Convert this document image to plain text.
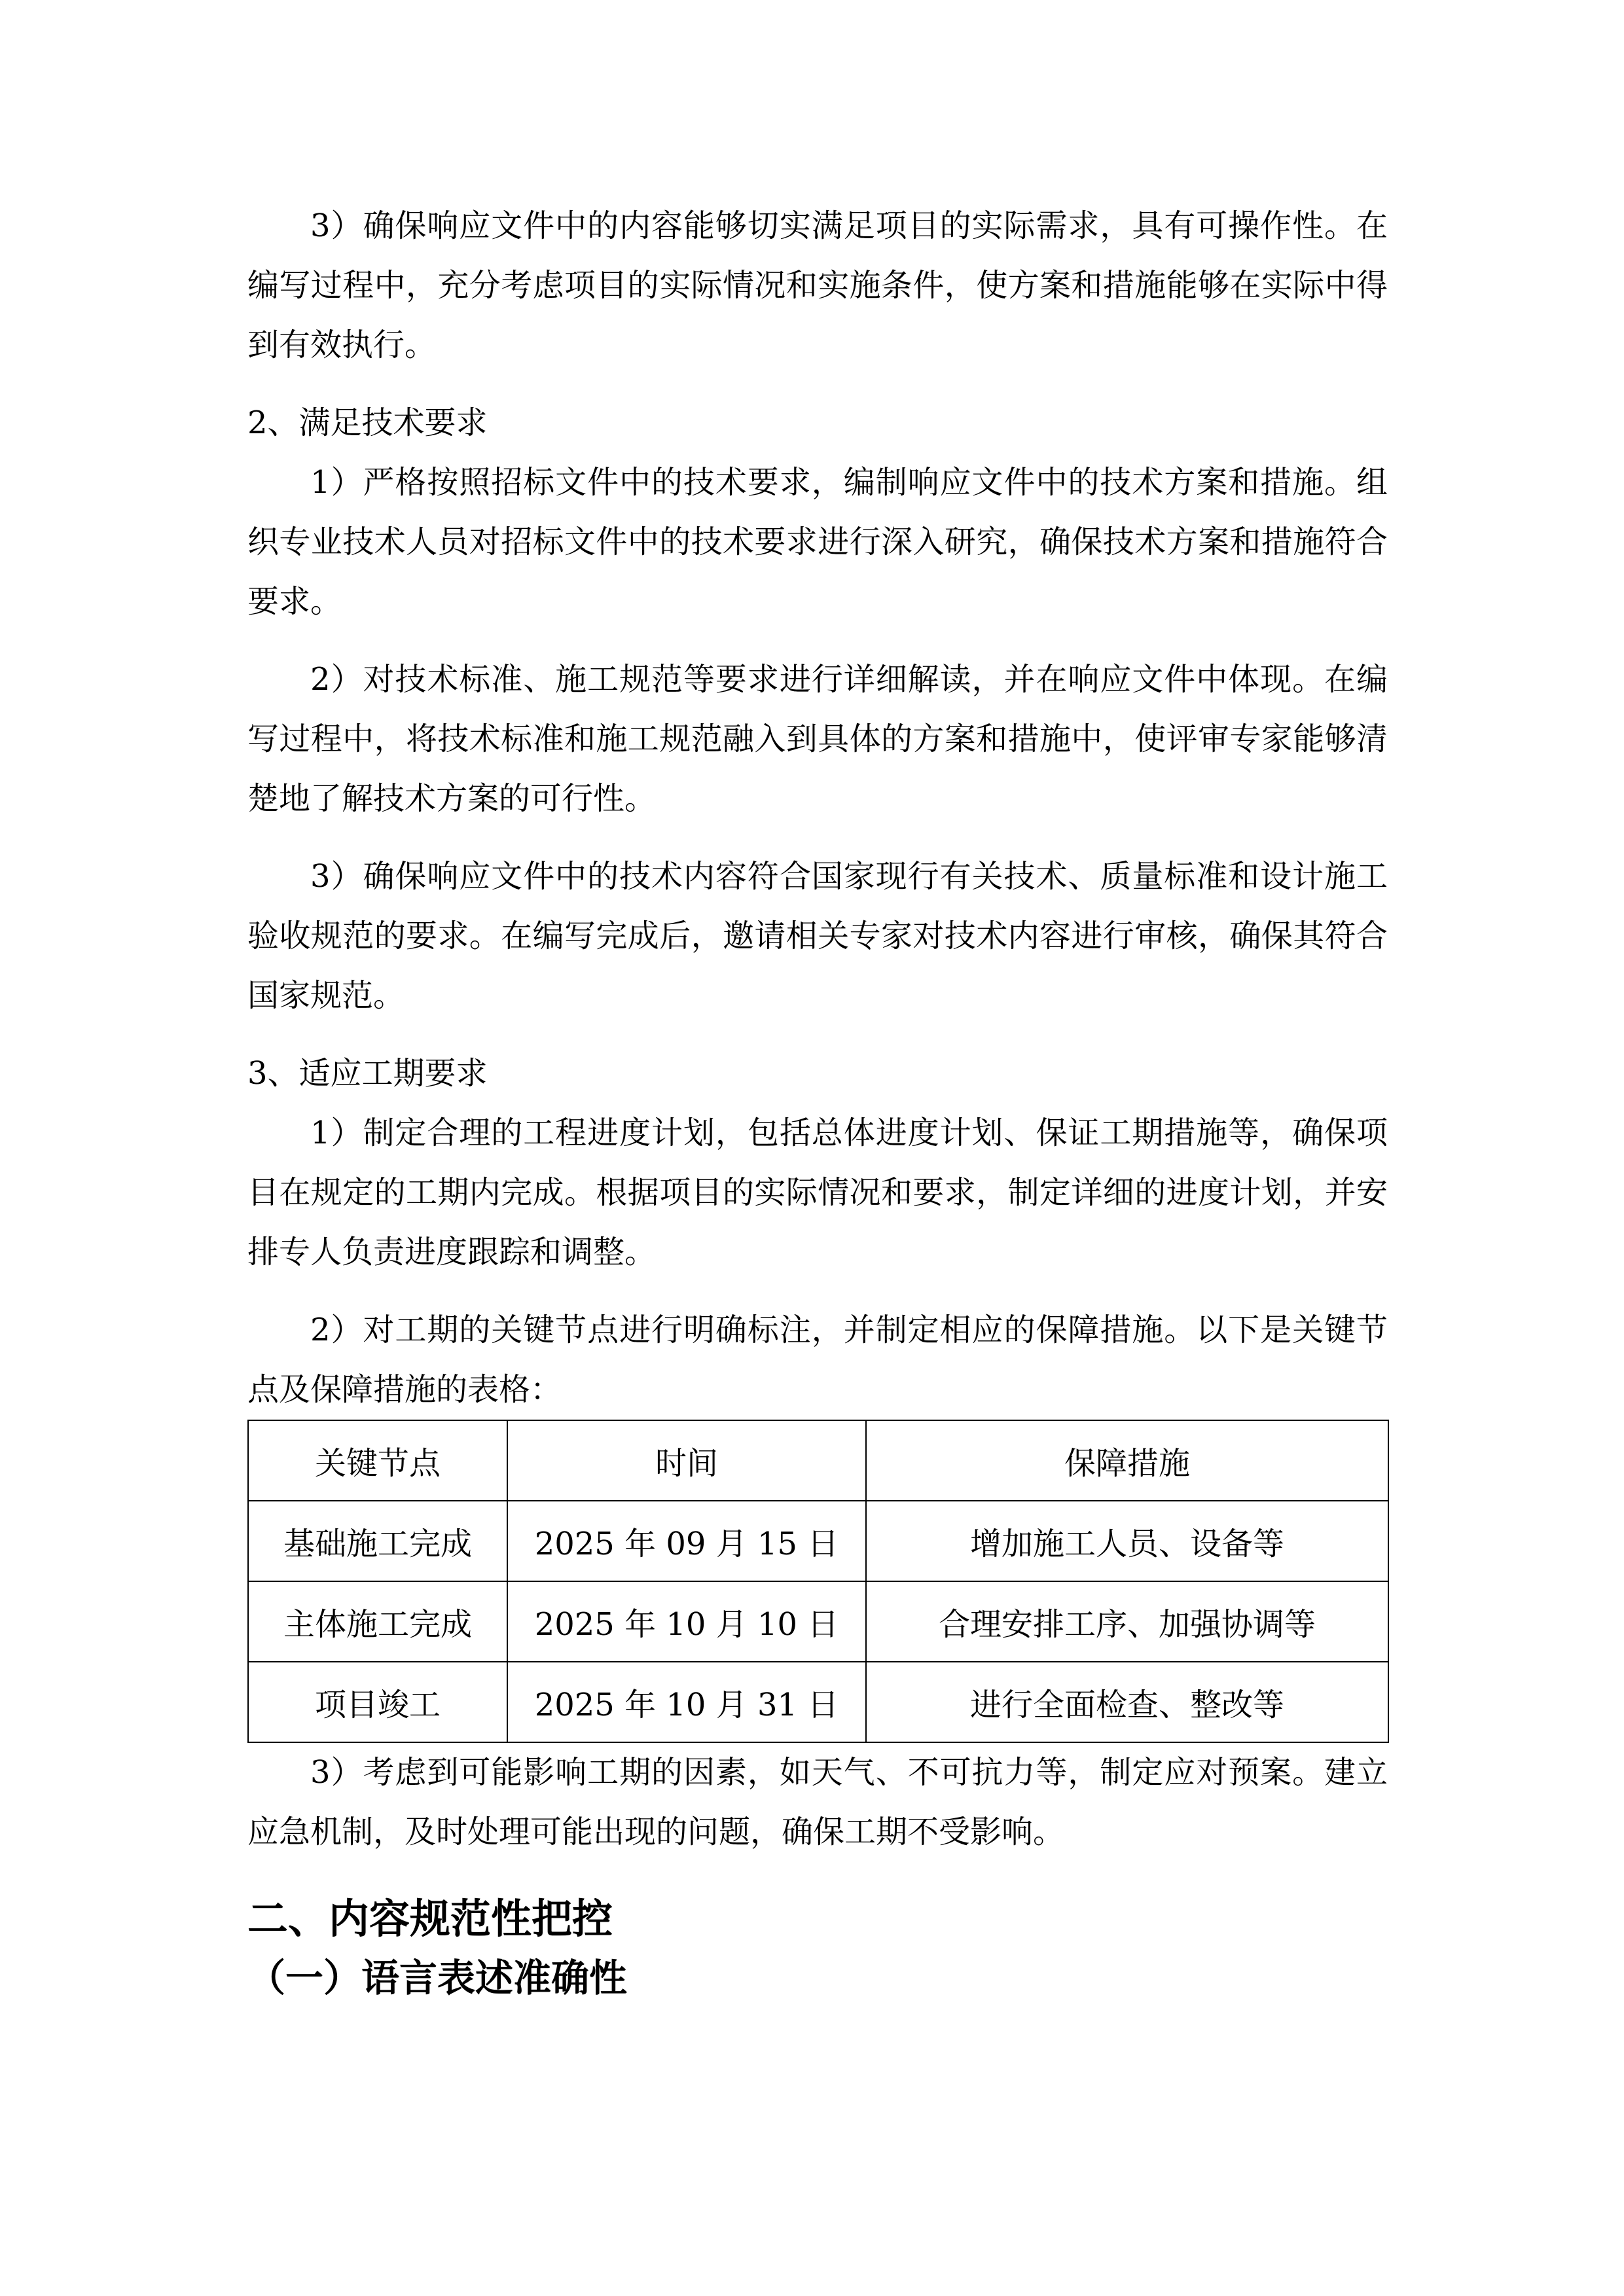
3）确保响应文件中的内容能够切实满足项目的实际需求，具有可操作性。在编写过程中，充分考虑项目的实际情况和实施条件，使方案和措施能够在实际中得到有效执行。

2、满足技术要求

1）严格按照招标文件中的技术要求，编制响应文件中的技术方案和措施。组织专业技术人员对招标文件中的技术要求进行深入研究，确保技术方案和措施符合要求。

2）对技术标准、施工规范等要求进行详细解读，并在响应文件中体现。在编写过程中，将技术标准和施工规范融入到具体的方案和措施中，使评审专家能够清楚地了解技术方案的可行性。

3）确保响应文件中的技术内容符合国家现行有关技术、质量标准和设计施工验收规范的要求。在编写完成后，邀请相关专家对技术内容进行审核，确保其符合国家规范。

3、适应工期要求

1）制定合理的工程进度计划，包括总体进度计划、保证工期措施等，确保项目在规定的工期内完成。根据项目的实际情况和要求，制定详细的进度计划，并安排专人负责进度跟踪和调整。

2）对工期的关键节点进行明确标注，并制定相应的保障措施。以下是关键节点及保障措施的表格：

关键节点	时间	保障措施
基础施工完成	2025 年 09 月 15 日	增加施工人员、设备等
主体施工完成	2025 年 10 月 10 日	合理安排工序、加强协调等
项目竣工	2025 年 10 月 31 日	进行全面检查、整改等

3）考虑到可能影响工期的因素，如天气、不可抗力等，制定应对预案。建立应急机制，及时处理可能出现的问题，确保工期不受影响。

二、内容规范性把控
（一）语言表述准确性
